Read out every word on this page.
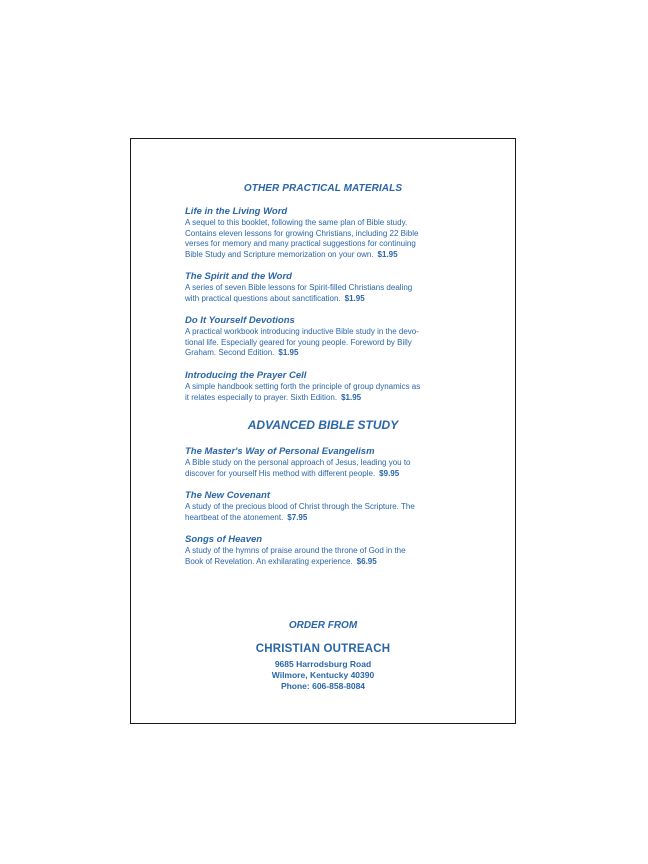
OTHER PRACTICAL MATERIALS

Life in the Living Word

A sequel to this booklet, following the same plan of Bible study.
Contains eleven lessons for growing Christians, including 22 Bible
verses for memory and many practical suggestions for continuing
Bible Study and Scripture memorization on your own. $1.95

The Spirit and the Word

A series of seven Bible lessons for Spirit-filled Christians dealing
with practical questions about sanctification. $1.95

Do It Yourself Devotions

A practical workbook introducing inductive Bible study in the devo-
tional life. Especially geared for young people. Foreword by Billy
Graham. Second Edition. $1.95

Introducing the Prayer Cell

A simple handbook setting forth the principle of group dynamics as
it relates especially to prayer. Sixth Edition. $1.95

ADVANCED BIBLE STUDY

The Master's Way of Personal Evangelism

A Bible study on the personal approach of Jesus, leading you to
discover for yourself His method with different people. $9.95

The New Covenant

A study of the precious blood of Christ through the Scripture. The
heartbeat of the atonement. $7.95

Songs of Heaven

A study of the hymns of praise around the throne of God in the
Book of Revelation. An exhilarating experience. $6.95

ORDER FROM
CHRISTIAN OUTREACH
9685 Harrodsburg Road
Wilmore, Kentucky 40390
Phone: 606-858-8084
